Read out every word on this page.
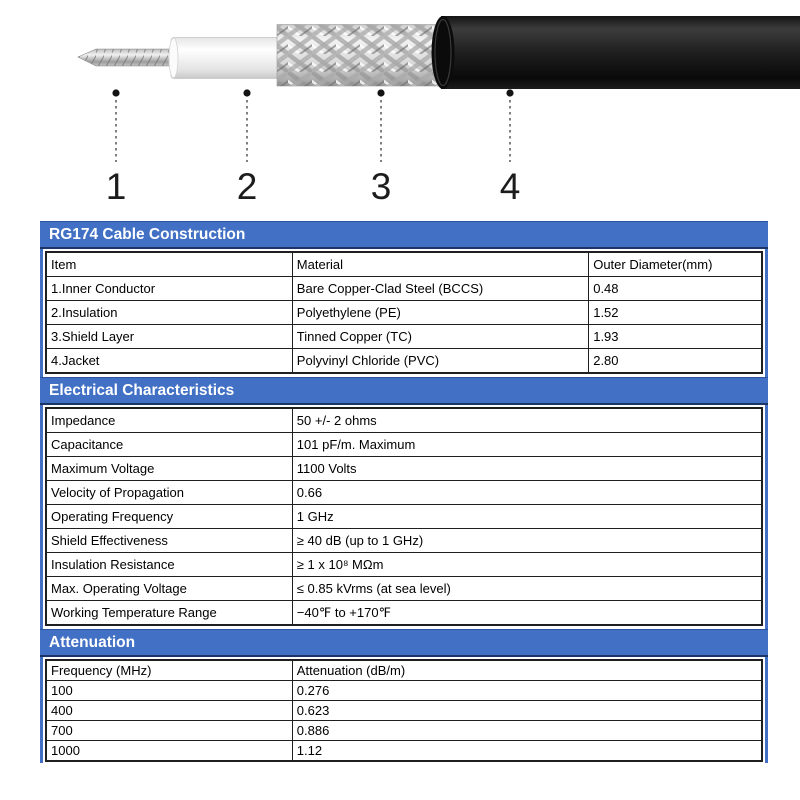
1	2	3	4
RG174 Cable Construction
Item	Material	Outer Diameter(mm)
1.Inner Conductor	Bare Copper-Clad Steel (BCCS)	0.48
2.Insulation	Polyethylene (PE)	1.52
3.Shield Layer	Tinned Copper (TC)	1.93
4.Jacket	Polyvinyl Chloride (PVC)	2.80
Electrical Characteristics
Impedance	50 +/- 2 ohms
Capacitance	101 pF/m. Maximum
Maximum Voltage	1100 Volts
Velocity of Propagation	0.66
Operating Frequency	1 GHz
Shield Effectiveness	≥ 40 dB (up to 1 GHz)
Insulation Resistance	≥ 1 x 10⁸ MΩm
Max. Operating Voltage	≤ 0.85 kVrms (at sea level)
Working Temperature Range	−40℉ to +170℉
Attenuation
Frequency (MHz)	Attenuation (dB/m)
100	0.276
400	0.623
700	0.886
1000	1.12
